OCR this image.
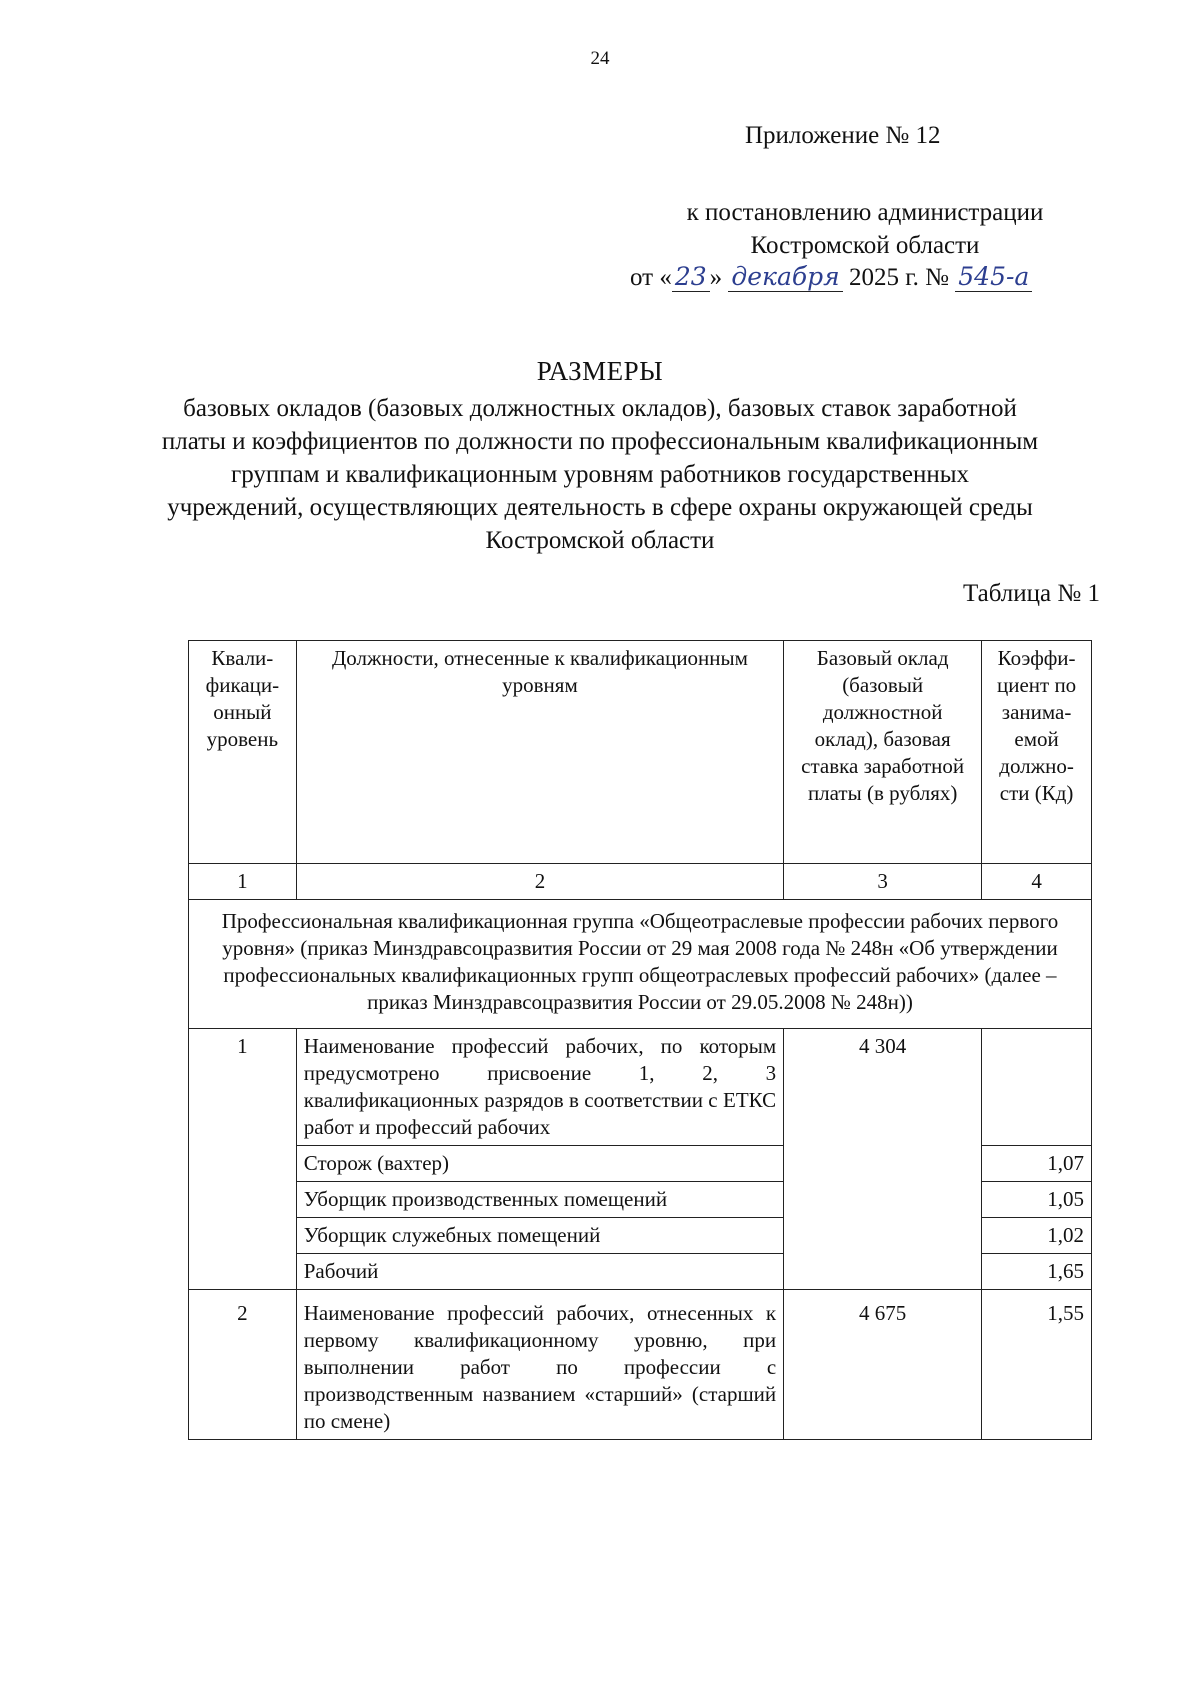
24
Приложение № 12
к постановлению администрации
Костромской области
от « 23 » декабря 2025 г. № 545-а
РАЗМЕРЫ
базовых окладов (базовых должностных окладов), базовых ставок заработной платы и коэффициентов по должности по профессиональным квалификационным группам и квалификационным уровням работников государственных учреждений, осуществляющих деятельность в сфере охраны окружающей среды Костромской области
Таблица № 1
Квали-фикаци-онный уровень	Должности, отнесенные к квалификационным уровням	Базовый оклад (базовый должностной оклад), базовая ставка заработной платы (в рублях)	Коэффи-циент по занима-емой должно-сти (Кд)
1	2	3	4
Профессиональная квалификационная группа «Общеотраслевые профессии рабочих первого уровня» (приказ Минздравсоцразвития России от 29 мая 2008 года № 248н «Об утверждении профессиональных квалификационных групп общеотраслевых профессий рабочих» (далее – приказ Минздравсоцразвития России от 29.05.2008 № 248н))			
1	Наименование профессий рабочих, по которым предусмотрено присвоение 1, 2, 3 квалификационных разрядов в соответствии с ЕТКС работ и профессий рабочих	4 304	
	Сторож (вахтер)		1,07
	Уборщик производственных помещений		1,05
	Уборщик служебных помещений		1,02
	Рабочий		1,65
2	Наименование профессий рабочих, отнесенных к первому квалификационному уровню, при выполнении работ по профессии с производственным названием «старший» (старший по смене)	4 675	1,55
